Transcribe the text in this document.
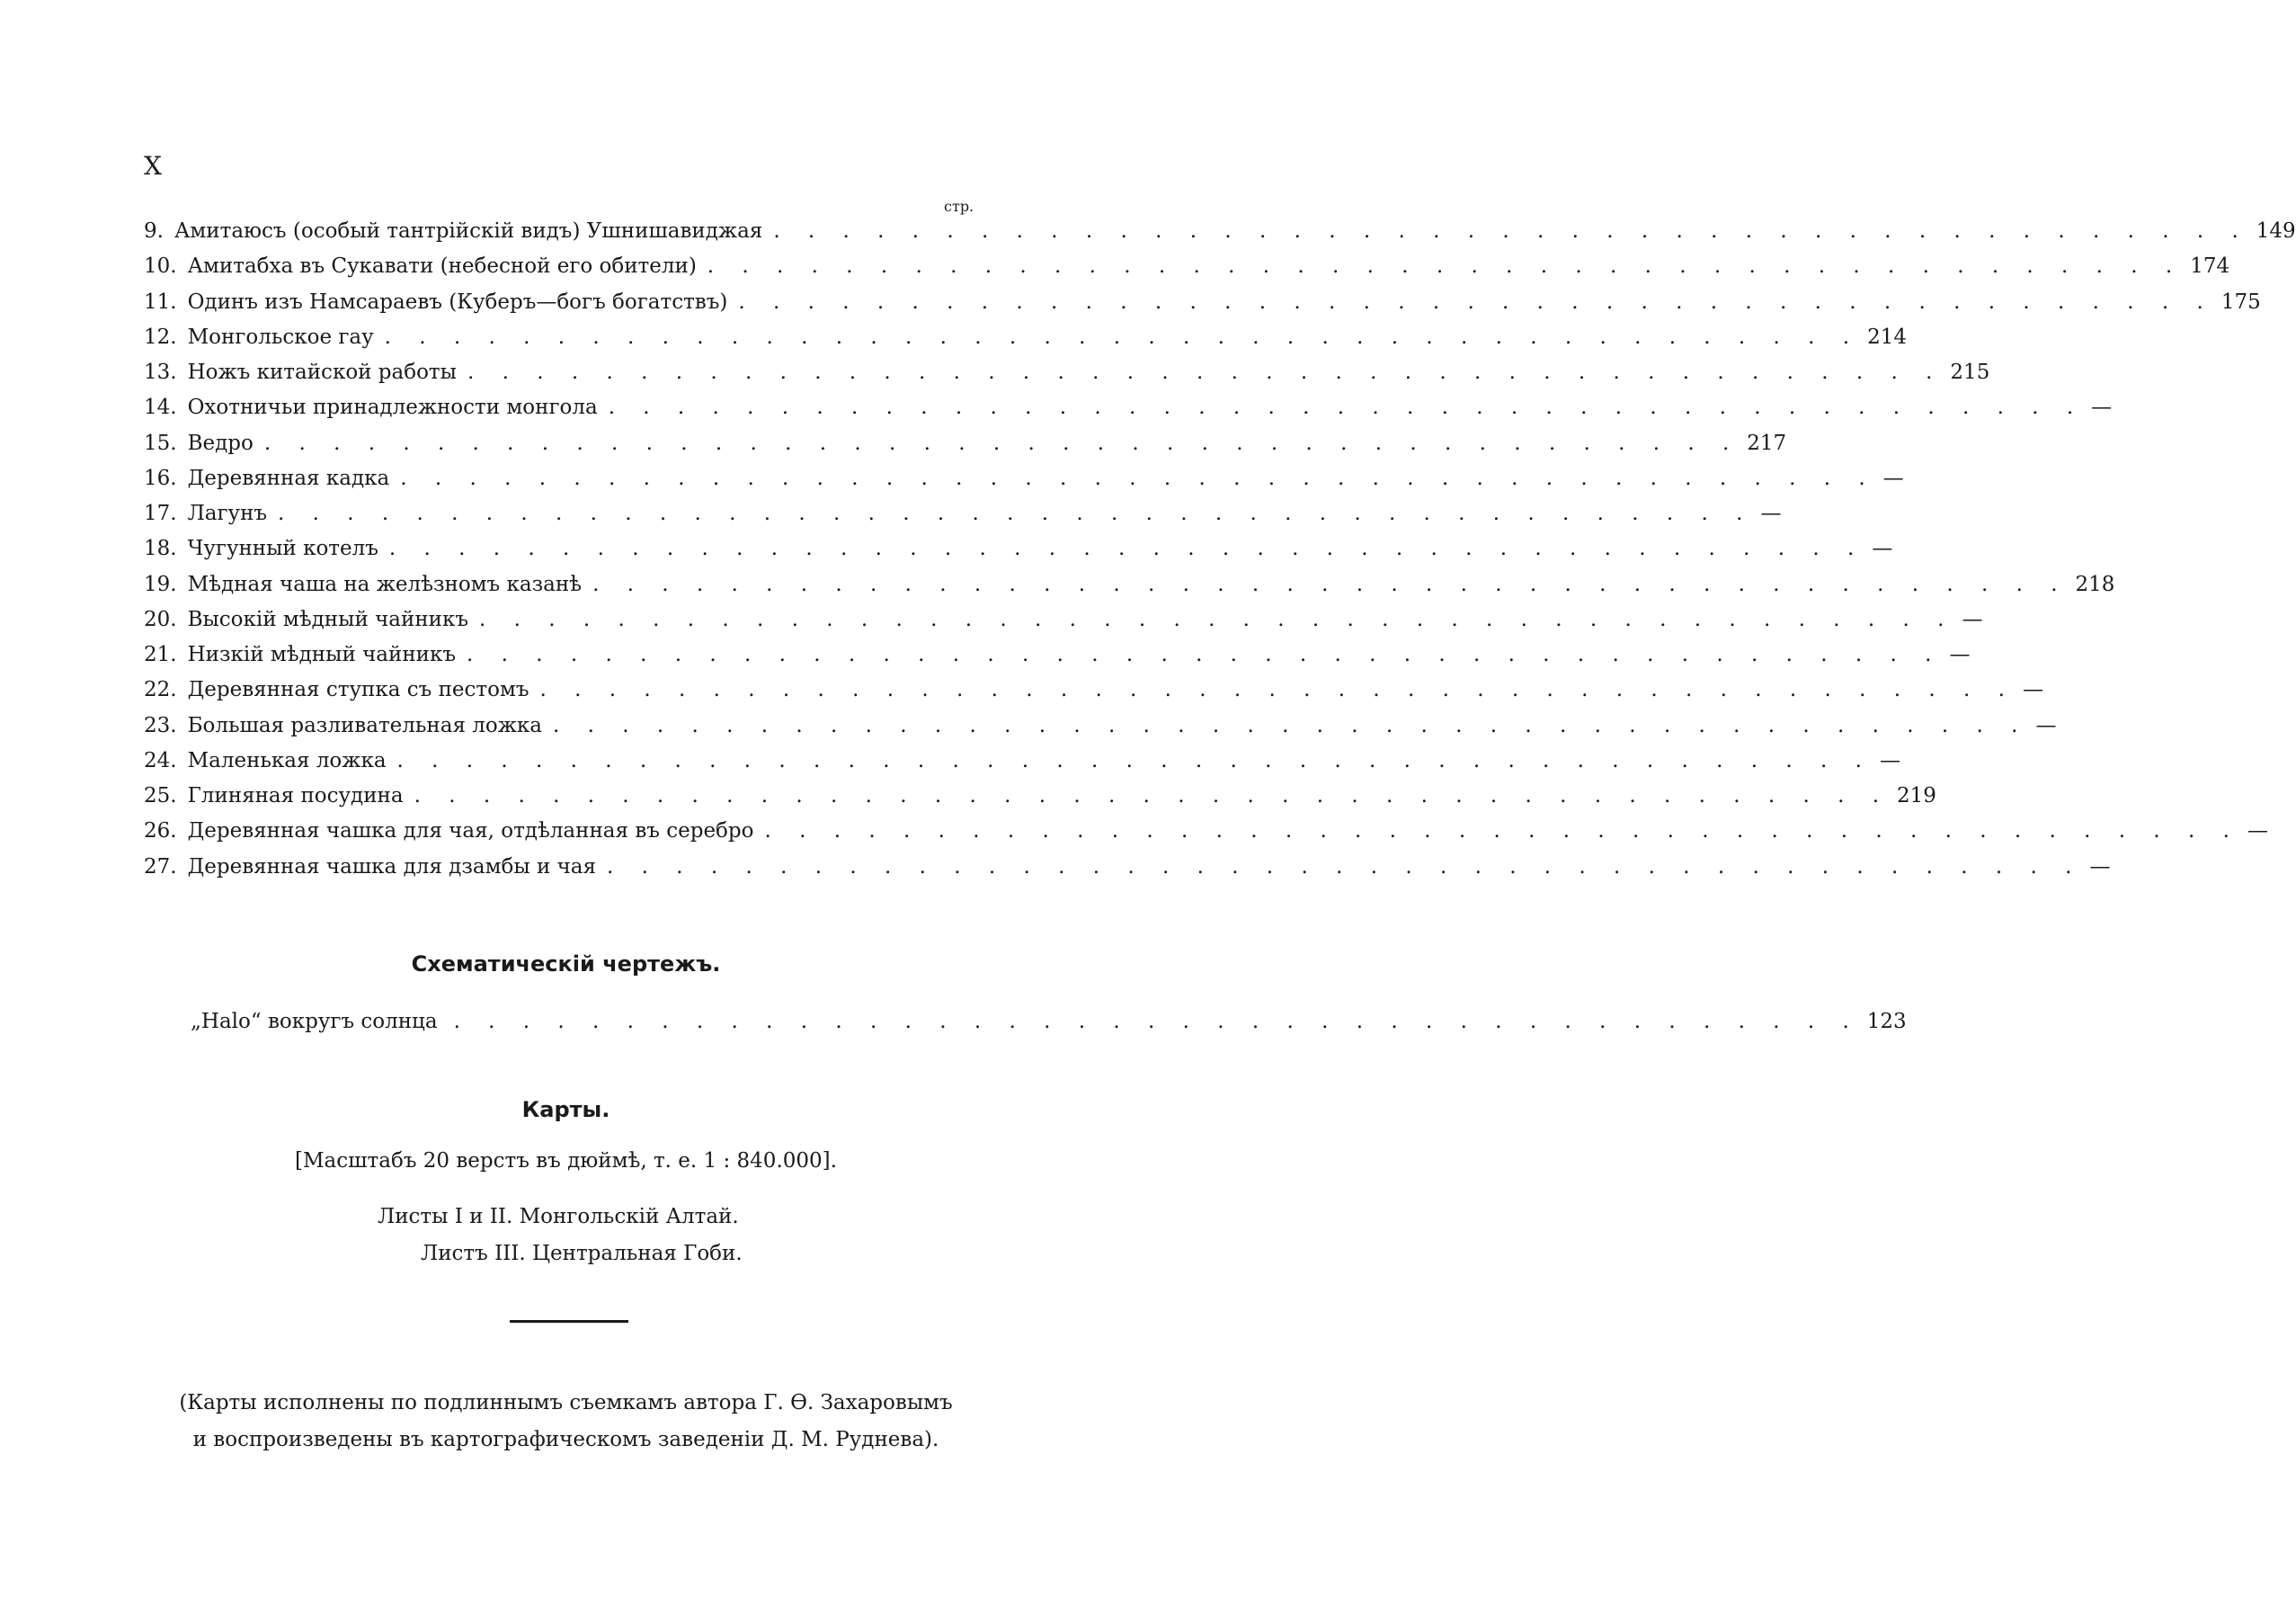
X
стр.
9. Амитаюсъ (особый тантрійскій видъ) Ушнишавиджая . . . . . . . . . . . . . . . . . . . . . . . . . . . . . . . . . . . . . . . . . . . 149
10. Амитабха въ Сукавати (небесной его обители) . . . . . . . . . . . . . . . . . . . . . . . . . . . . . . . . . . . . . . . . . . . 174
11. Одинъ изъ Намсараевъ (Куберъ—богъ богатствъ) . . . . . . . . . . . . . . . . . . . . . . . . . . . . . . . . . . . . . . . . . . . 175
12. Монгольское гау . . . . . . . . . . . . . . . . . . . . . . . . . . . . . . . . . . . . . . . . . . . 214
13. Ножъ китайской работы . . . . . . . . . . . . . . . . . . . . . . . . . . . . . . . . . . . . . . . . . . . 215
14. Охотничьи принадлежности монгола . . . . . . . . . . . . . . . . . . . . . . . . . . . . . . . . . . . . . . . . . . . —
15. Ведро . . . . . . . . . . . . . . . . . . . . . . . . . . . . . . . . . . . . . . . . . . . 217
16. Деревянная кадка . . . . . . . . . . . . . . . . . . . . . . . . . . . . . . . . . . . . . . . . . . . —
17. Лагунъ . . . . . . . . . . . . . . . . . . . . . . . . . . . . . . . . . . . . . . . . . . . —
18. Чугунный котелъ . . . . . . . . . . . . . . . . . . . . . . . . . . . . . . . . . . . . . . . . . . . —
19. Мѣдная чаша на желѣзномъ казанѣ . . . . . . . . . . . . . . . . . . . . . . . . . . . . . . . . . . . . . . . . . . . 218
20. Высокій мѣдный чайникъ . . . . . . . . . . . . . . . . . . . . . . . . . . . . . . . . . . . . . . . . . . . —
21. Низкій мѣдный чайникъ . . . . . . . . . . . . . . . . . . . . . . . . . . . . . . . . . . . . . . . . . . . —
22. Деревянная ступка съ пестомъ . . . . . . . . . . . . . . . . . . . . . . . . . . . . . . . . . . . . . . . . . . . —
23. Большая разливательная ложка . . . . . . . . . . . . . . . . . . . . . . . . . . . . . . . . . . . . . . . . . . . —
24. Маленькая ложка . . . . . . . . . . . . . . . . . . . . . . . . . . . . . . . . . . . . . . . . . . . —
25. Глиняная посудина . . . . . . . . . . . . . . . . . . . . . . . . . . . . . . . . . . . . . . . . . . . 219
26. Деревянная чашка для чая, отдѣланная въ серебро . . . . . . . . . . . . . . . . . . . . . . . . . . . . . . . . . . . . . . . . . . . —
27. Деревянная чашка для дзамбы и чая . . . . . . . . . . . . . . . . . . . . . . . . . . . . . . . . . . . . . . . . . . . —
Схематическій чертежъ.
„Halo“ вокругъ солнца . . . . . . . . . . . . . . . . . . . . . . . . . . . . . . . . . . . . . . . . . 123
Карты.
[Масштабъ 20 верстъ въ дюймѣ, т. е. 1 : 840.000].
Листы I и II. Монгольскій Алтай.
Листъ III. Центральная Гоби.
(Карты исполнены по подлиннымъ съемкамъ автора Г. Ѳ. Захаровымъ
и воспроизведены въ картографическомъ заведеніи Д. М. Руднева).
